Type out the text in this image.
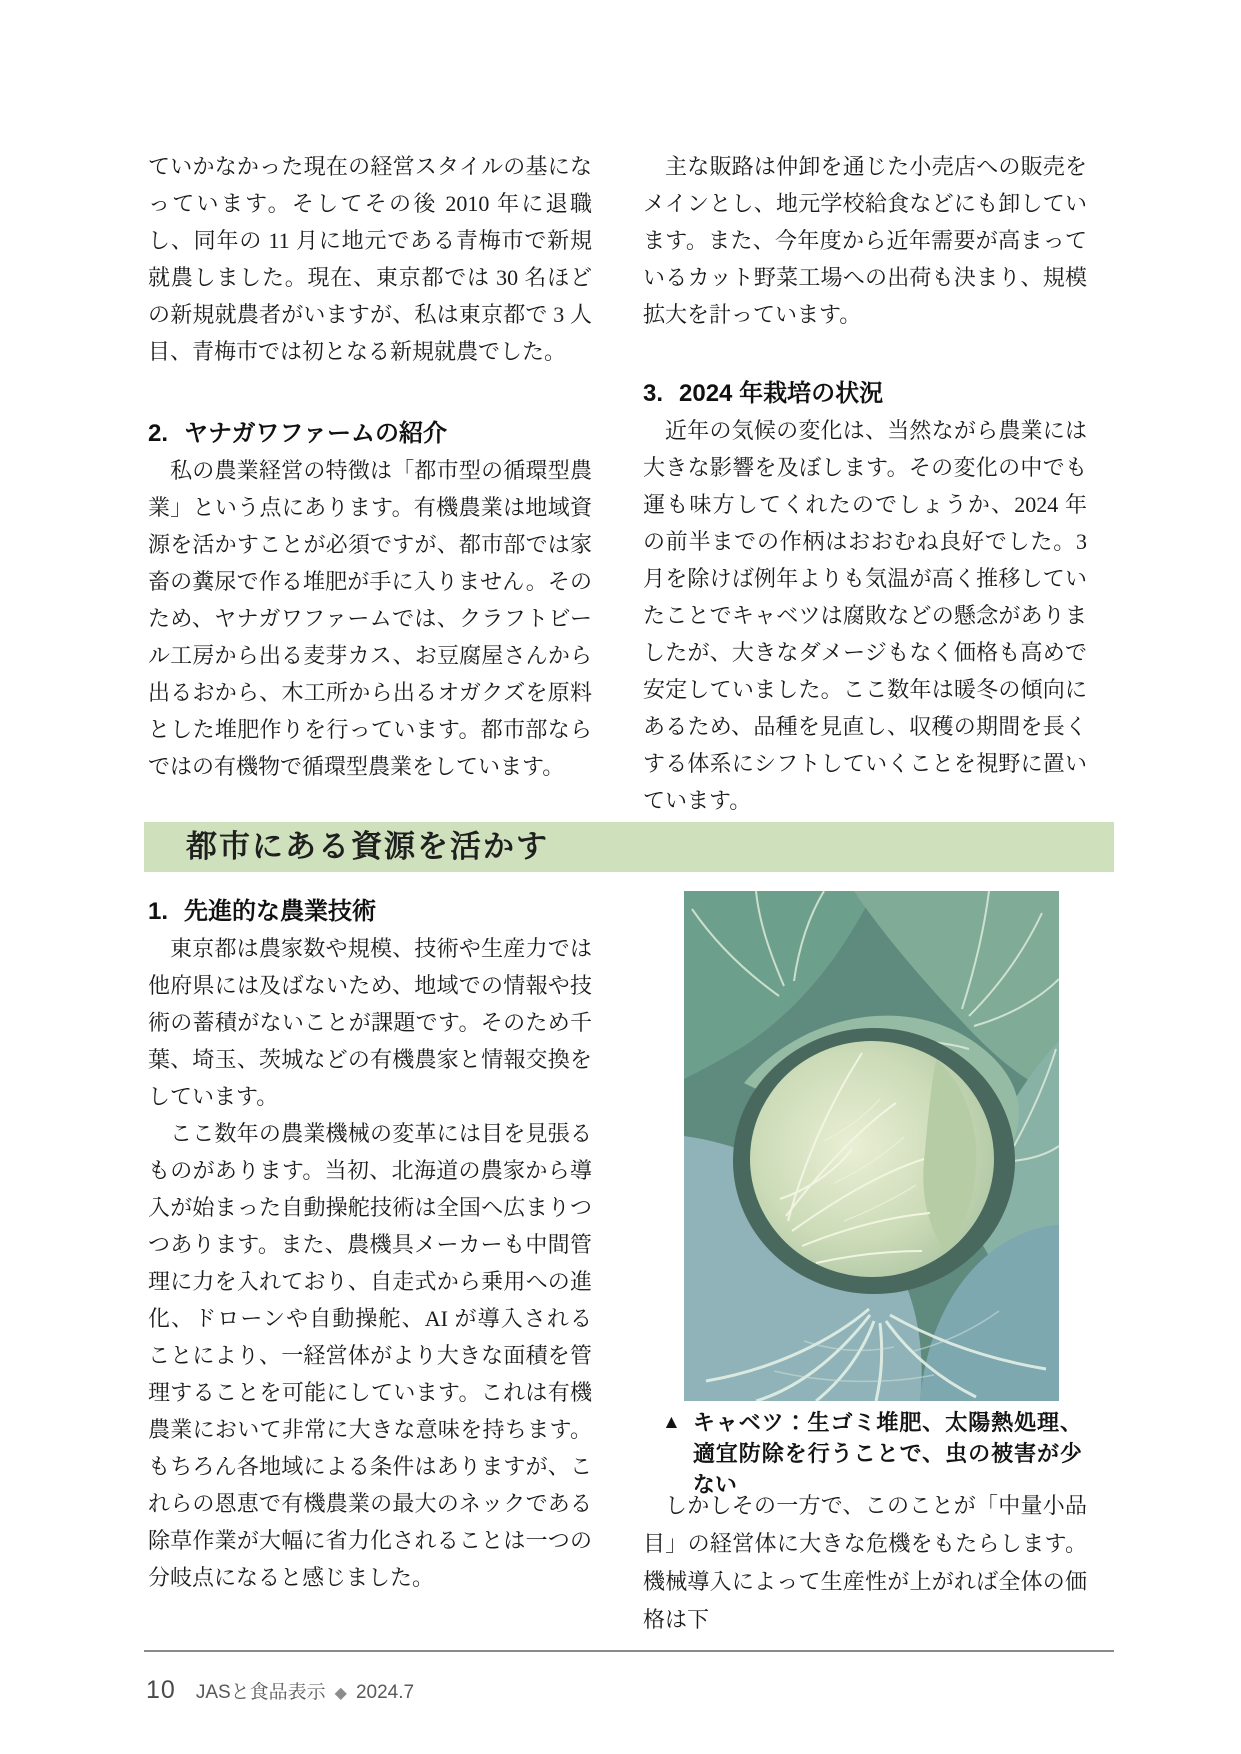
ていかなかった現在の経営スタイルの基になっています。そしてその後 2010 年に退職し、同年の 11 月に地元である青梅市で新規就農しました。現在、東京都では 30 名ほどの新規就農者がいますが、私は東京都で 3 人目、青梅市では初となる新規就農でした。

2. ヤナガワファームの紹介

私の農業経営の特徴は「都市型の循環型農業」という点にあります。有機農業は地域資源を活かすことが必須ですが、都市部では家畜の糞尿で作る堆肥が手に入りません。そのため、ヤナガワファームでは、クラフトビール工房から出る麦芽カス、お豆腐屋さんから出るおから、木工所から出るオガクズを原料とした堆肥作りを行っています。都市部ならではの有機物で循環型農業をしています。

主な販路は仲卸を通じた小売店への販売をメインとし、地元学校給食などにも卸しています。また、今年度から近年需要が高まっているカット野菜工場への出荷も決まり、規模拡大を計っています。

3. 2024 年栽培の状況

近年の気候の変化は、当然ながら農業には大きな影響を及ぼします。その変化の中でも運も味方してくれたのでしょうか、2024 年の前半までの作柄はおおむね良好でした。3 月を除けば例年よりも気温が高く推移していたことでキャベツは腐敗などの懸念がありましたが、大きなダメージもなく価格も高めで安定していました。ここ数年は暖冬の傾向にあるため、品種を見直し、収穫の期間を長くする体系にシフトしていくことを視野に置いています。

都市にある資源を活かす
1. 先進的な農業技術

東京都は農家数や規模、技術や生産力では他府県には及ばないため、地域での情報や技術の蓄積がないことが課題です。そのため千葉、埼玉、茨城などの有機農家と情報交換をしています。

ここ数年の農業機械の変革には目を見張るものがあります。当初、北海道の農家から導入が始まった自動操舵技術は全国へ広まりつつあります。また、農機具メーカーも中間管理に力を入れており、自走式から乗用への進化、ドローンや自動操舵、AI が導入されることにより、一経営体がより大きな面積を管理することを可能にしています。これは有機農業において非常に大きな意味を持ちます。もちろん各地域による条件はありますが、これらの恩恵で有機農業の最大のネックである除草作業が大幅に省力化されることは一つの分岐点になると感じました。

▲ キャベツ：生ゴミ堆肥、太陽熱処理、適宜防除を行うことで、虫の被害が少ない

しかしその一方で、このことが「中量小品目」の経営体に大きな危機をもたらします。機械導入によって生産性が上がれば全体の価格は下

10 JASと食品表示 ◆ 2024.7
